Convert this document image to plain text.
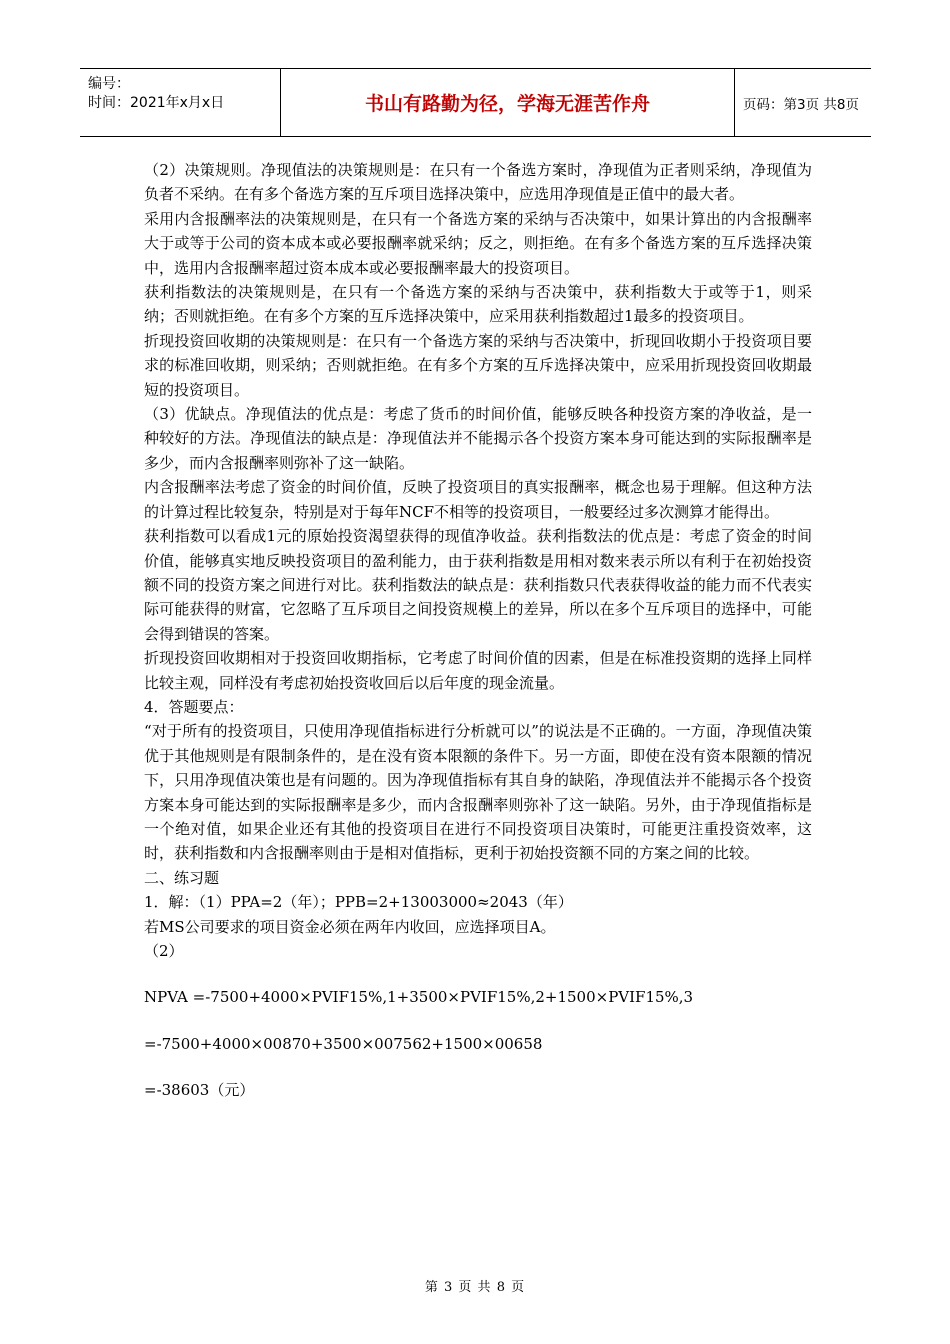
编号：
时间：2021年x月x日	书山有路勤为径，学海无涯苦作舟	页码：第3页 共8页

（2）决策规则。净现值法的决策规则是：在只有一个备选方案时，净现值为正者则采纳，净现值为负者不采纳。在有多个备选方案的互斥项目选择决策中，应选用净现值是正值中的最大者。

采用内含报酬率法的决策规则是，在只有一个备选方案的采纳与否决策中，如果计算出的内含报酬率大于或等于公司的资本成本或必要报酬率就采纳；反之，则拒绝。在有多个备选方案的互斥选择决策中，选用内含报酬率超过资本成本或必要报酬率最大的投资项目。

获利指数法的决策规则是，在只有一个备选方案的采纳与否决策中，获利指数大于或等于1，则采纳；否则就拒绝。在有多个方案的互斥选择决策中，应采用获利指数超过1最多的投资项目。

折现投资回收期的决策规则是：在只有一个备选方案的采纳与否决策中，折现回收期小于投资项目要求的标准回收期，则采纳；否则就拒绝。在有多个方案的互斥选择决策中，应采用折现投资回收期最短的投资项目。

（3）优缺点。净现值法的优点是：考虑了货币的时间价值，能够反映各种投资方案的净收益，是一种较好的方法。净现值法的缺点是：净现值法并不能揭示各个投资方案本身可能达到的实际报酬率是多少，而内含报酬率则弥补了这一缺陷。

内含报酬率法考虑了资金的时间价值，反映了投资项目的真实报酬率，概念也易于理解。但这种方法的计算过程比较复杂，特别是对于每年NCF不相等的投资项目，一般要经过多次测算才能得出。

获利指数可以看成1元的原始投资渴望获得的现值净收益。获利指数法的优点是：考虑了资金的时间价值，能够真实地反映投资项目的盈利能力，由于获利指数是用相对数来表示所以有利于在初始投资额不同的投资方案之间进行对比。获利指数法的缺点是：获利指数只代表获得收益的能力而不代表实际可能获得的财富，它忽略了互斥项目之间投资规模上的差异，所以在多个互斥项目的选择中，可能会得到错误的答案。

折现投资回收期相对于投资回收期指标，它考虑了时间价值的因素，但是在标准投资期的选择上同样比较主观，同样没有考虑初始投资收回后以后年度的现金流量。

4．答题要点：

“对于所有的投资项目，只使用净现值指标进行分析就可以”的说法是不正确的。一方面，净现值决策优于其他规则是有限制条件的，是在没有资本限额的条件下。另一方面，即使在没有资本限额的情况下，只用净现值决策也是有问题的。因为净现值指标有其自身的缺陷，净现值法并不能揭示各个投资方案本身可能达到的实际报酬率是多少，而内含报酬率则弥补了这一缺陷。另外，由于净现值指标是一个绝对值，如果企业还有其他的投资项目在进行不同投资项目决策时，可能更注重投资效率，这时，获利指数和内含报酬率则由于是相对值指标，更利于初始投资额不同的方案之间的比较。

二、练习题

1．解：（1）PPA=2（年）；PPB=2+13003000≈2043（年）

若MS公司要求的项目资金必须在两年内收回，应选择项目A。

（2）

NPVA =-7500+4000×PVIF15%,1+3500×PVIF15%,2+1500×PVIF15%,3

=-7500+4000×00870+3500×007562+1500×00658

=-38603（元）

第 3 页 共 8 页
